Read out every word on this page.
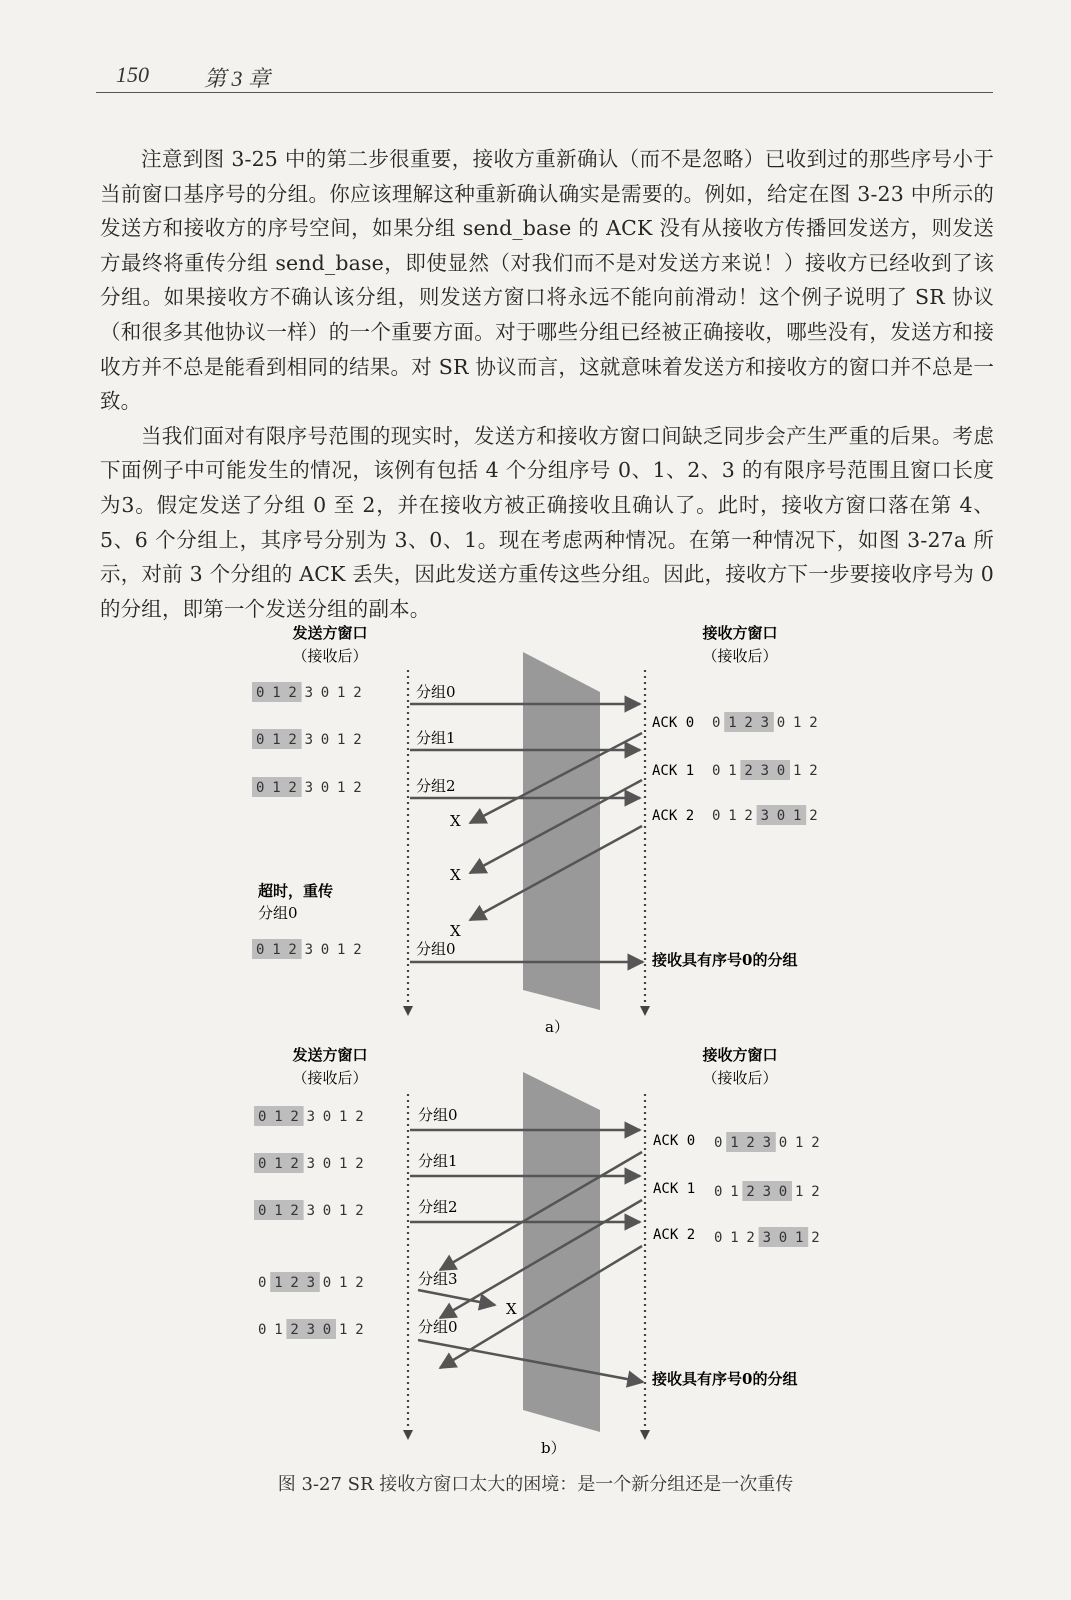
150	第 3 章

注意到图 3-25 中的第二步很重要，接收方重新确认（而不是忽略）已收到过的那些序号小于当前窗口基序号的分组。你应该理解这种重新确认确实是需要的。例如，给定在图 3-23 中所示的发送方和接收方的序号空间，如果分组 send_base 的 ACK 没有从接收方传播回发送方，则发送方最终将重传分组 send_base，即使显然（对我们而不是对发送方来说！）接收方已经收到了该分组。如果接收方不确认该分组，则发送方窗口将永远不能向前滑动！这个例子说明了 SR 协议（和很多其他协议一样）的一个重要方面。对于哪些分组已经被正确接收，哪些没有，发送方和接收方并不总是能看到相同的结果。对 SR 协议而言，这就意味着发送方和接收方的窗口并不总是一致。

当我们面对有限序号范围的现实时，发送方和接收方窗口间缺乏同步会产生严重的后果。考虑下面例子中可能发生的情况，该例有包括 4 个分组序号 0、1、2、3 的有限序号范围且窗口长度为3。假定发送了分组 0 至 2，并在接收方被正确接收且确认了。此时，接收方窗口落在第 4、5、6 个分组上，其序号分别为 3、0、1。现在考虑两种情况。在第一种情况下，如图 3-27a 所示，对前 3 个分组的 ACK 丢失，因此发送方重传这些分组。因此，接收方下一步要接收序号为 0 的分组，即第一个发送分组的副本。

发送方窗口
（接收后）
接收方窗口
（接收后）
0 1 2 3 0 1 2
0 1 2 3 0 1 2
0 1 2 3 0 1 2
0 1 2 3 0 1 2
0 1 2 3 0 1 2
0 1 2 3 0 1 2
0 1 2 3 0 1 2
分组0
分组1
分组2
分组0
ACK 0
ACK 1
ACK 2
X
X
X
超时，重传
分组0
接收具有序号0的分组
a）
发送方窗口
（接收后）
接收方窗口
（接收后）
0 1 2 3 0 1 2
0 1 2 3 0 1 2
0 1 2 3 0 1 2
0 1 2 3 0 1 2
0 1 2 3 0 1 2
0 1 2 3 0 1 2
0 1 2 3 0 1 2
0 1 2 3 0 1 2
分组0
分组1
分组2
分组3
X
分组0
ACK 0
ACK 1
ACK 2
接收具有序号0的分组
b）
图 3-27 SR 接收方窗口太大的困境：是一个新分组还是一次重传
